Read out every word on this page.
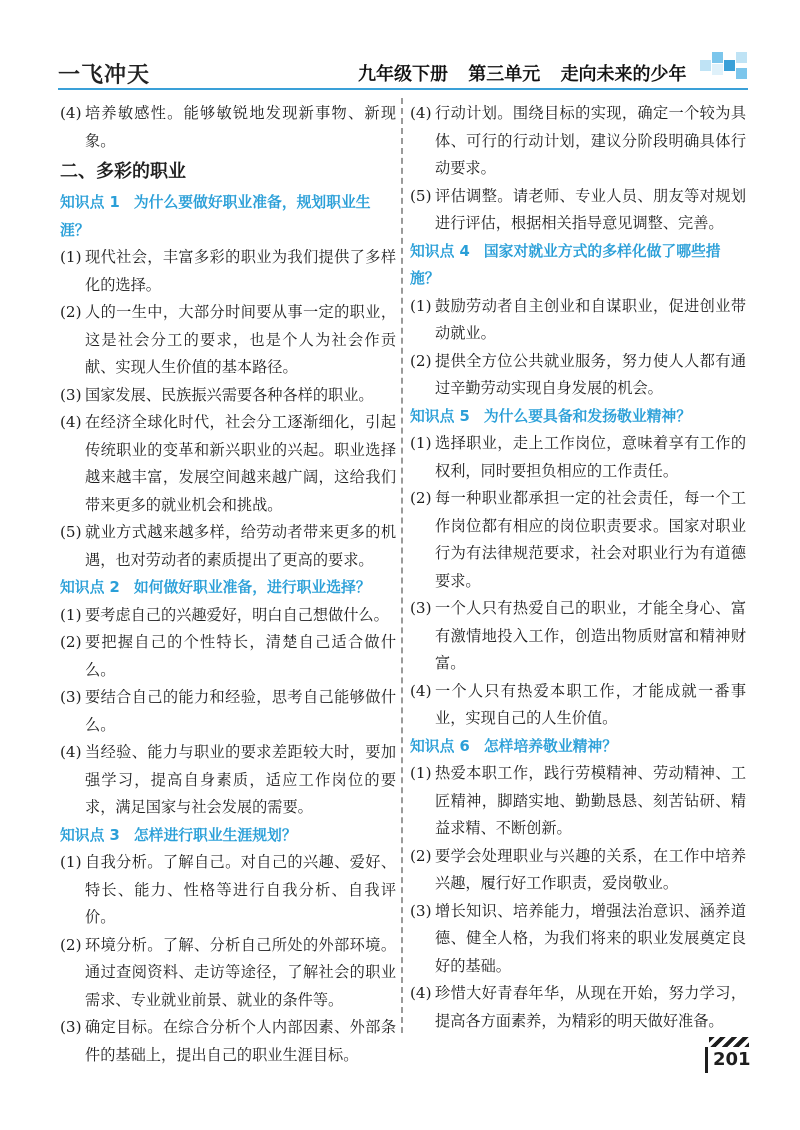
一飞冲天	九年级下册 第三单元 走向未来的少年

(4) 培养敏感性。能够敏锐地发现新事物、新现象。

二、多彩的职业

知识点 1 为什么要做好职业准备，规划职业生涯？

(1) 现代社会，丰富多彩的职业为我们提供了多样化的选择。

(2) 人的一生中，大部分时间要从事一定的职业，这是社会分工的要求，也是个人为社会作贡献、实现人生价值的基本路径。

(3) 国家发展、民族振兴需要各种各样的职业。

(4) 在经济全球化时代，社会分工逐渐细化，引起传统职业的变革和新兴职业的兴起。职业选择越来越丰富，发展空间越来越广阔，这给我们带来更多的就业机会和挑战。

(5) 就业方式越来越多样，给劳动者带来更多的机遇，也对劳动者的素质提出了更高的要求。

知识点 2 如何做好职业准备，进行职业选择？

(1) 要考虑自己的兴趣爱好，明白自己想做什么。

(2) 要把握自己的个性特长，清楚自己适合做什么。

(3) 要结合自己的能力和经验，思考自己能够做什么。

(4) 当经验、能力与职业的要求差距较大时，要加强学习，提高自身素质，适应工作岗位的要求，满足国家与社会发展的需要。

知识点 3 怎样进行职业生涯规划？

(1) 自我分析。了解自己。对自己的兴趣、爱好、特长、能力、性格等进行自我分析、自我评价。

(2) 环境分析。了解、分析自己所处的外部环境。通过查阅资料、走访等途径，了解社会的职业需求、专业就业前景、就业的条件等。

(3) 确定目标。在综合分析个人内部因素、外部条件的基础上，提出自己的职业生涯目标。

(4) 行动计划。围绕目标的实现，确定一个较为具体、可行的行动计划，建议分阶段明确具体行动要求。

(5) 评估调整。请老师、专业人员、朋友等对规划进行评估，根据相关指导意见调整、完善。

知识点 4 国家对就业方式的多样化做了哪些措施？

(1) 鼓励劳动者自主创业和自谋职业，促进创业带动就业。

(2) 提供全方位公共就业服务，努力使人人都有通过辛勤劳动实现自身发展的机会。

知识点 5 为什么要具备和发扬敬业精神？

(1) 选择职业，走上工作岗位，意味着享有工作的权利，同时要担负相应的工作责任。

(2) 每一种职业都承担一定的社会责任，每一个工作岗位都有相应的岗位职责要求。国家对职业行为有法律规范要求，社会对职业行为有道德要求。

(3) 一个人只有热爱自己的职业，才能全身心、富有激情地投入工作，创造出物质财富和精神财富。

(4) 一个人只有热爱本职工作，才能成就一番事业，实现自己的人生价值。

知识点 6 怎样培养敬业精神？

(1) 热爱本职工作，践行劳模精神、劳动精神、工匠精神，脚踏实地、勤勤恳恳、刻苦钻研、精益求精、不断创新。

(2) 要学会处理职业与兴趣的关系，在工作中培养兴趣，履行好工作职责，爱岗敬业。

(3) 增长知识、培养能力，增强法治意识、涵养道德、健全人格，为我们将来的职业发展奠定良好的基础。

(4) 珍惜大好青春年华，从现在开始，努力学习，提高各方面素养，为精彩的明天做好准备。

201
